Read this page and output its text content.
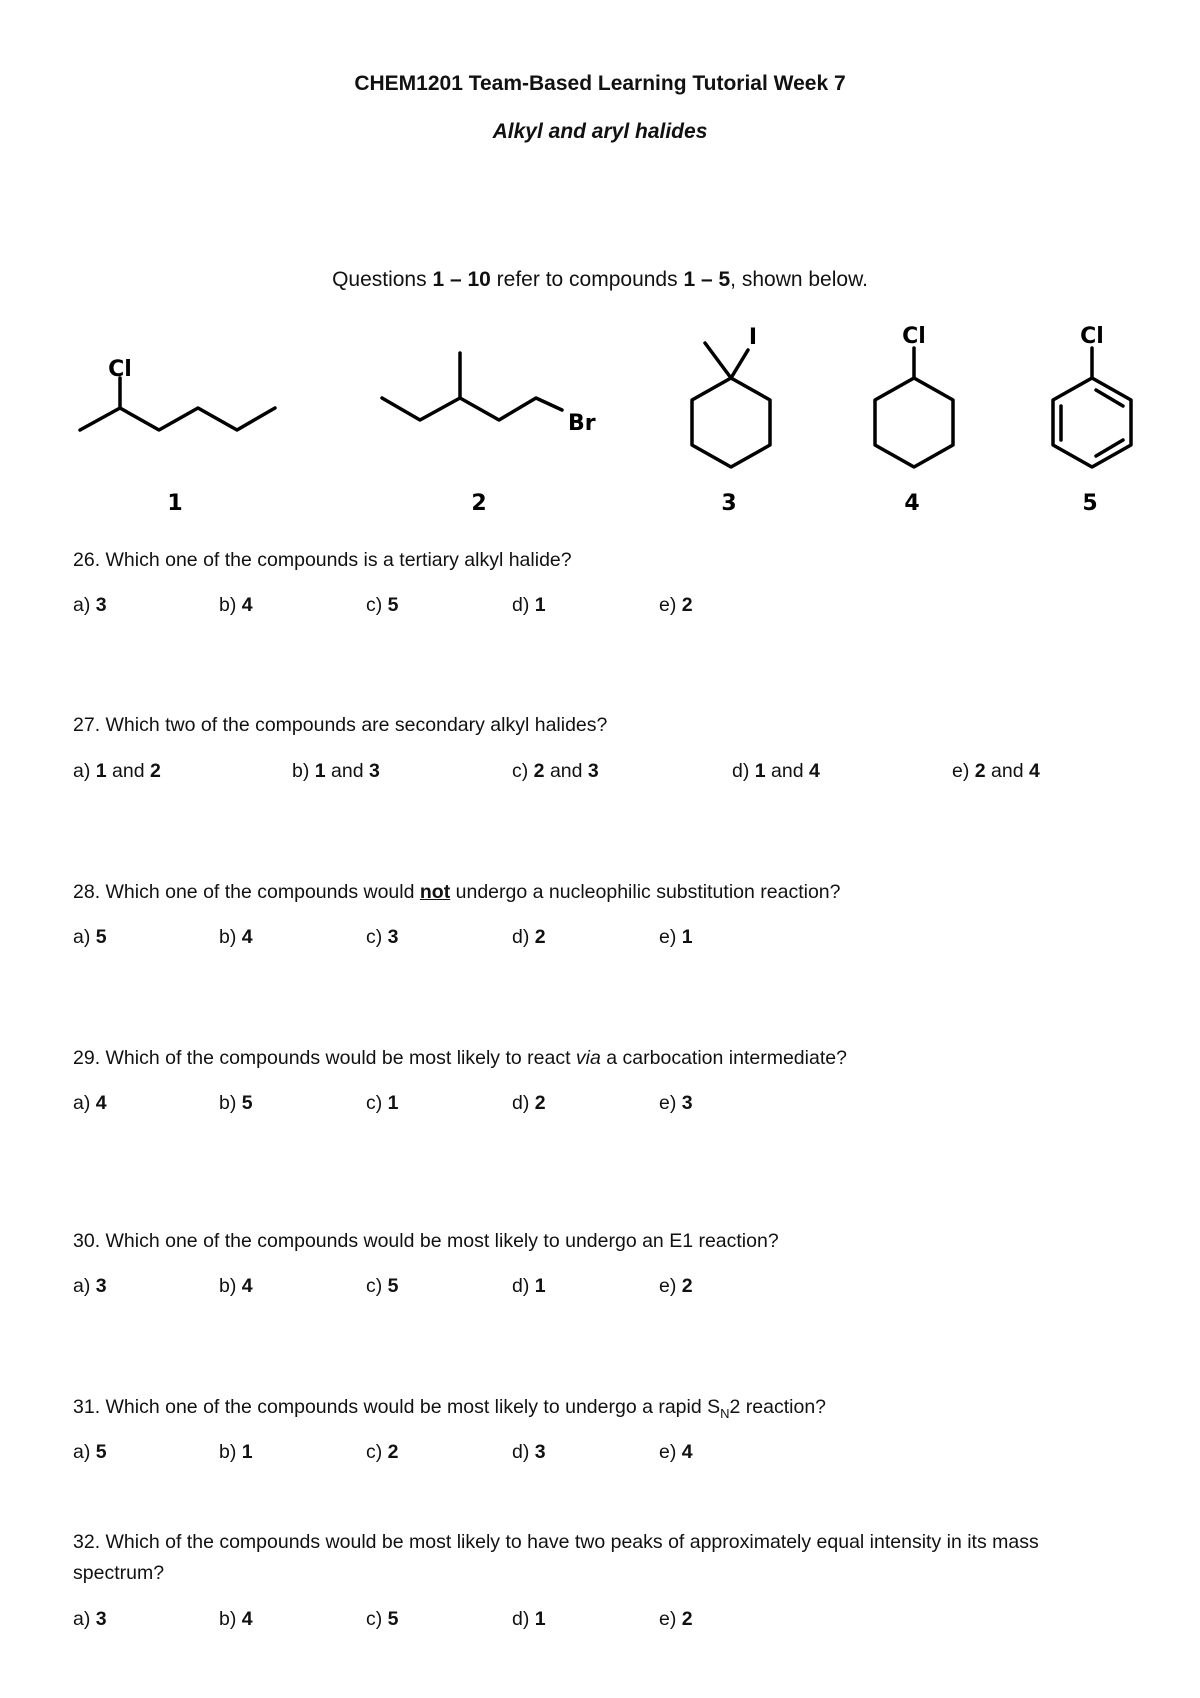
CHEM1201 Team-Based Learning Tutorial Week 7
Alkyl and aryl halides
Questions 1 – 10 refer to compounds 1 – 5, shown below.
Cl
Br
I	Cl	Cl
1	2	3	4	5
26. Which one of the compounds is a tertiary alkyl halide?
a) 3	b) 4	c) 5	d) 1	e) 2
27. Which two of the compounds are secondary alkyl halides?
a) 1 and 2	b) 1 and 3	c) 2 and 3	d) 1 and 4	e) 2 and 4
28. Which one of the compounds would not undergo a nucleophilic substitution reaction?
a) 5	b) 4	c) 3	d) 2	e) 1
29. Which of the compounds would be most likely to react via a carbocation intermediate?
a) 4	b) 5	c) 1	d) 2	e) 3
30. Which one of the compounds would be most likely to undergo an E1 reaction?
a) 3	b) 4	c) 5	d) 1	e) 2
31. Which one of the compounds would be most likely to undergo a rapid $S_N2$ reaction?
a) 5	b) 1	c) 2	d) 3	e) 4
32. Which of the compounds would be most likely to have two peaks of approximately equal intensity in its mass spectrum?
a) 3	b) 4	c) 5	d) 1	e) 2
